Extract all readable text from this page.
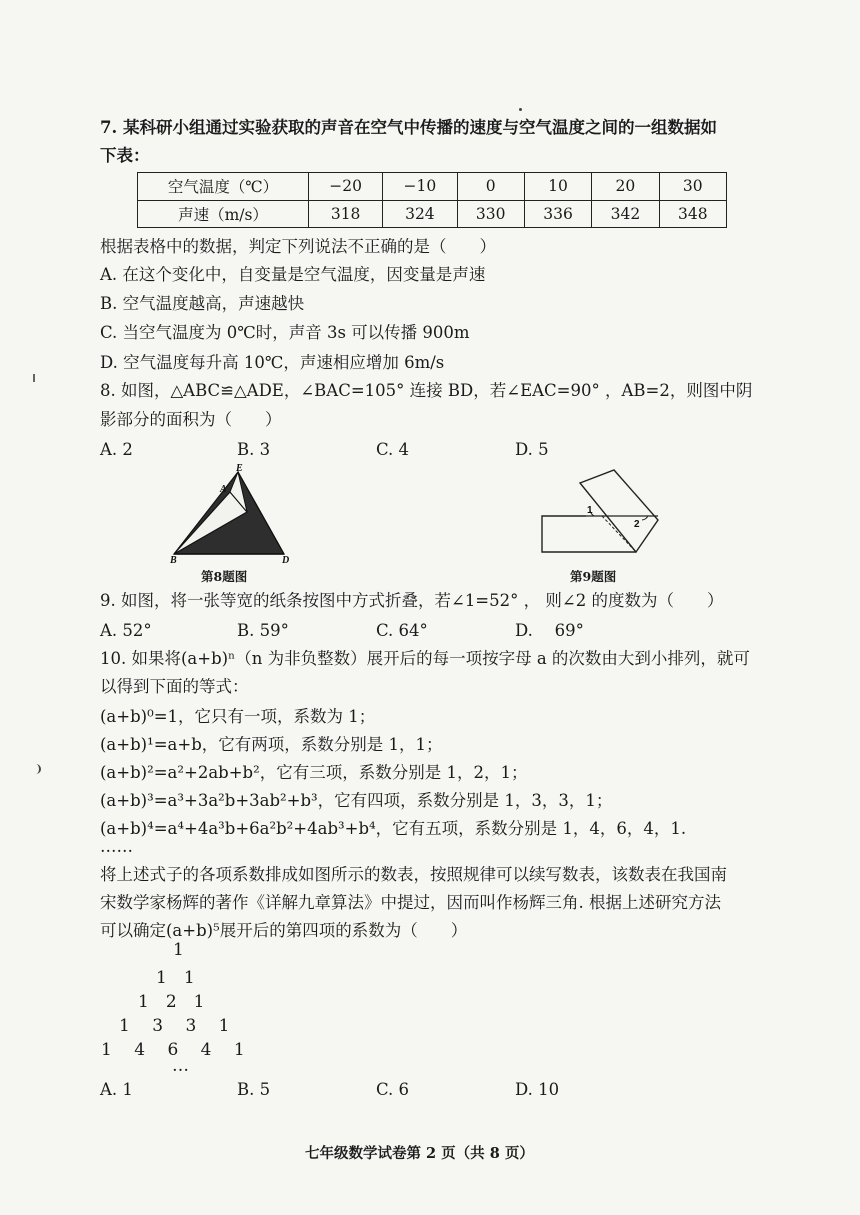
7. 某科研小组通过实验获取的声音在空气中传播的速度与空气温度之间的一组数据如
下表：
空气温度（℃）	−20	−10	0	10	20	30
声速（m/s）	318	324	330	336	342	348
根据表格中的数据，判定下列说法不正确的是（　　）
A. 在这个变化中，自变量是空气温度，因变量是声速
B. 空气温度越高，声速越快
C. 当空气温度为 0℃时，声音 3s 可以传播 900m
D. 空气温度每升高 10℃，声速相应增加 6m/s
8. 如图，△ABC≌△ADE，∠BAC=105° 连接 BD，若∠EAC=90° ，AB=2，则图中阴
影部分的面积为（　　）
A. 2	B. 3	C. 4	D. 5
E
A
B	D
第8题图
1
2
第9题图
9. 如图，将一张等宽的纸条按图中方式折叠，若∠1=52° ， 则∠2 的度数为（　　）
A. 52°	B. 59°	C. 64°	D.　 69°
10. 如果将(a+b)ⁿ（n 为非负整数）展开后的每一项按字母 a 的次数由大到小排列，就可
以得到下面的等式：
(a+b)⁰=1，它只有一项，系数为 1；
(a+b)¹=a+b，它有两项，系数分别是 1，1；
(a+b)²=a²+2ab+b²，它有三项，系数分别是 1，2，1；
(a+b)³=a³+3a²b+3ab²+b³，它有四项，系数分别是 1，3，3，1；
(a+b)⁴=a⁴+4a³b+6a²b²+4ab³+b⁴，它有五项，系数分别是 1，4，6，4，1.
……
将上述式子的各项系数排成如图所示的数表，按照规律可以续写数表，该数表在我国南
宋数学家杨辉的著作《详解九章算法》中提过，因而叫作杨辉三角. 根据上述研究方法
可以确定(a+b)⁵展开后的第四项的系数为（　　）
1
1　1
1　2　1
1　 3　 3　 1
1　 4　 6　 4　 1
…
A. 1	B. 5	C. 6	D. 10
七年级数学试卷第 2 页（共 8 页）
